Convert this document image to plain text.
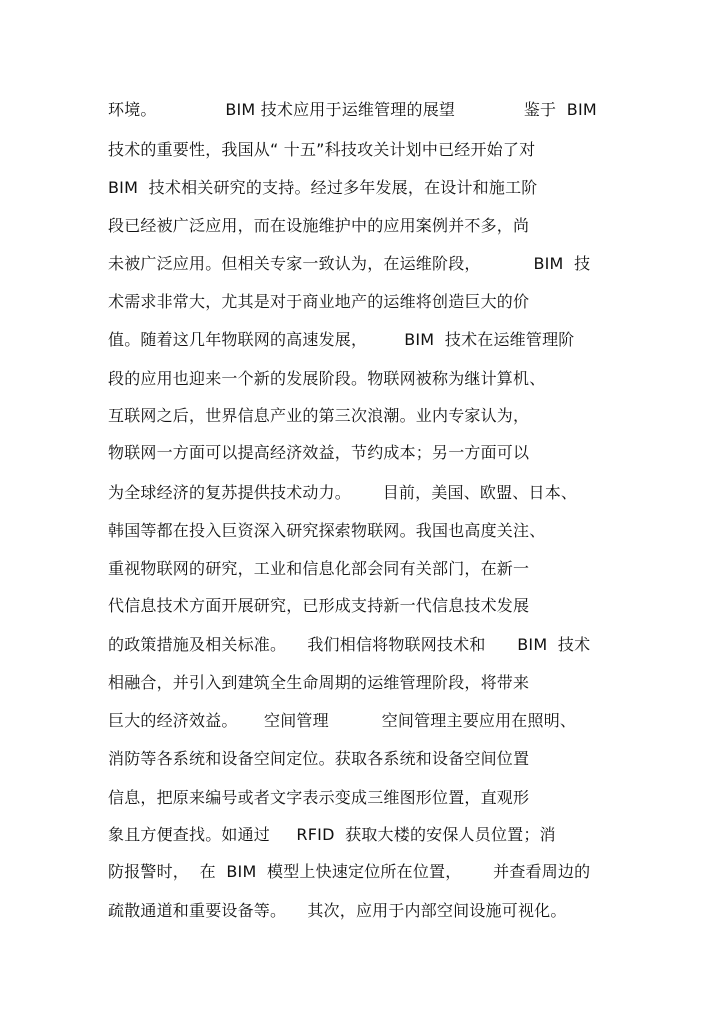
环境。             BIM 技术应用于运维管理的展望             鉴于  BIM
技术的重要性，我国从“ 十五”科技攻关计划中已经开始了对
BIM  技术相关研究的支持。经过多年发展，在设计和施工阶
段已经被广泛应用，而在设施维护中的应用案例并不多，尚
未被广泛应用。但相关专家一致认为，在运维阶段，          BIM  技
术需求非常大，尤其是对于商业地产的运维将创造巨大的价
值。随着这几年物联网的高速发展，       BIM  技术在运维管理阶
段的应用也迎来一个新的发展阶段。物联网被称为继计算机、
互联网之后，世界信息产业的第三次浪潮。业内专家认为，
物联网一方面可以提高经济效益，节约成本；另一方面可以
为全球经济的复苏提供技术动力。      目前，美国、欧盟、日本、
韩国等都在投入巨资深入研究探索物联网。我国也高度关注、
重视物联网的研究，工业和信息化部会同有关部门，在新一
代信息技术方面开展研究，已形成支持新一代信息技术发展
的政策措施及相关标准。    我们相信将物联网技术和      BIM  技术
相融合，并引入到建筑全生命周期的运维管理阶段，将带来
巨大的经济效益。     空间管理          空间管理主要应用在照明、
消防等各系统和设备空间定位。获取各系统和设备空间位置
信息，把原来编号或者文字表示变成三维图形位置，直观形
象且方便查找。如通过     RFID  获取大楼的安保人员位置；消
防报警时，  在  BIM  模型上快速定位所在位置，      并查看周边的
疏散通道和重要设备等。    其次，应用于内部空间设施可视化。
